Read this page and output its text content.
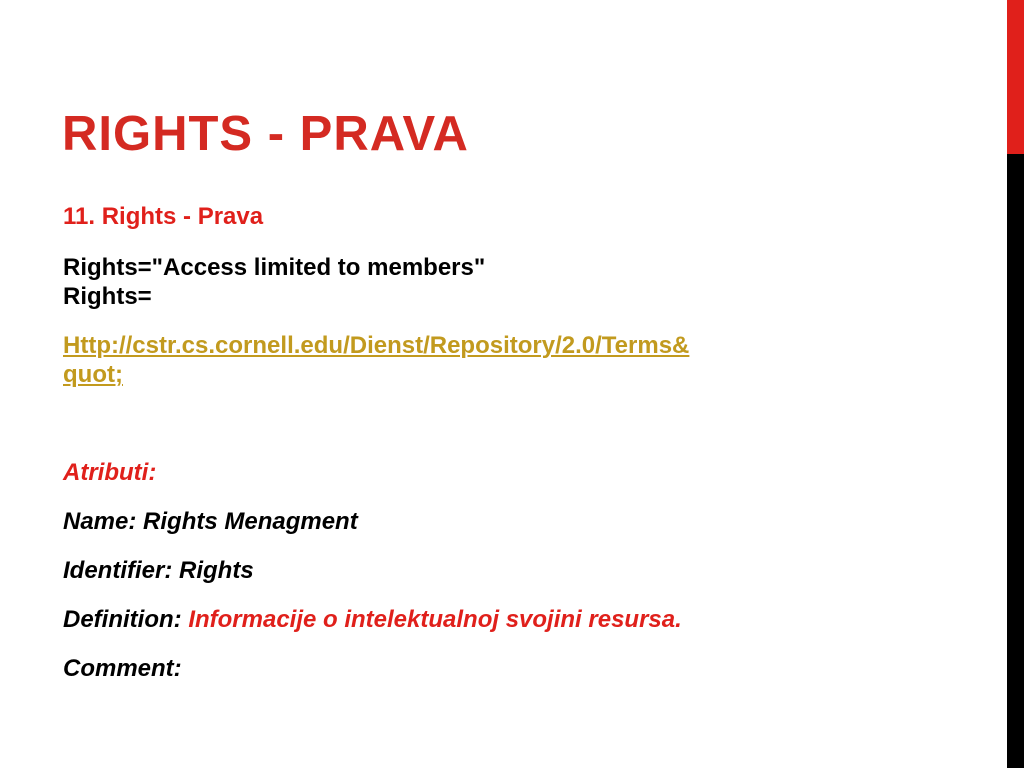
RIGHTS - PRAVA

11. Rights - Prava

Rights="Access limited to members"
Rights=

Http://cstr.cs.cornell.edu/Dienst/Repository/2.0/Terms&
quot;

Atributi:

Name: Rights Menagment

Identifier: Rights

Definition: Informacije o intelektualnoj svojini resursa.

Comment:
